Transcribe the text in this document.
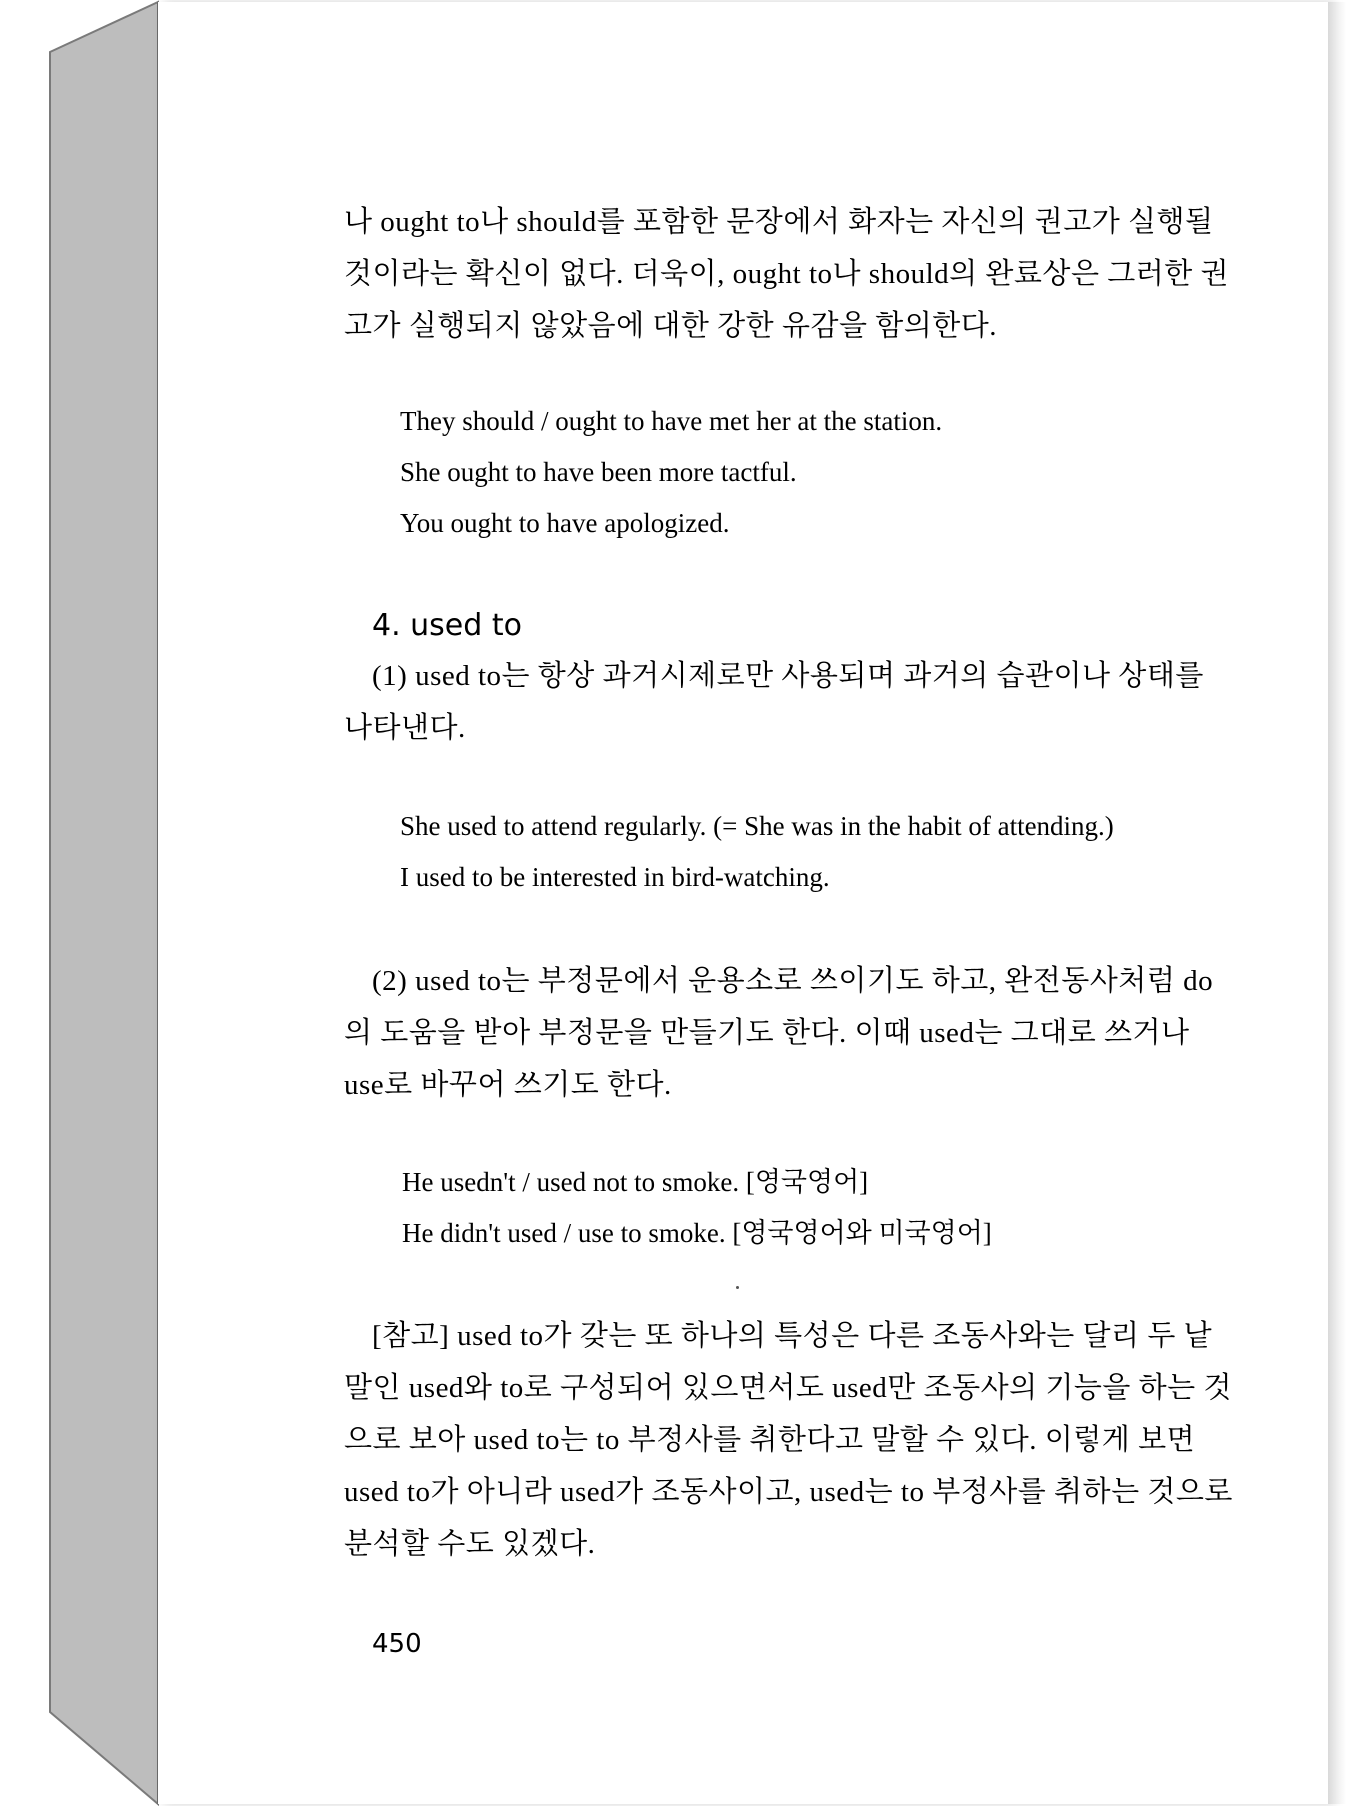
나 ought to나 should를 포함한 문장에서 화자는 자신의 권고가 실행될
것이라는 확신이 없다. 더욱이, ought to나 should의 완료상은 그러한 권
고가 실행되지 않았음에 대한 강한 유감을 함의한다.
They should / ought to have met her at the station.
She ought to have been more tactful.
You ought to have apologized.
4. used to
(1) used to는 항상 과거시제로만 사용되며 과거의 습관이나 상태를
나타낸다.
She used to attend regularly. (= She was in the habit of attending.)
I used to be interested in bird-watching.
(2) used to는 부정문에서 운용소로 쓰이기도 하고, 완전동사처럼 do
의 도움을 받아 부정문을 만들기도 한다. 이때 used는 그대로 쓰거나
use로 바꾸어 쓰기도 한다.
He usedn't / used not to smoke. [영국영어]
He didn't used / use to smoke. [영국영어와 미국영어]
[참고] used to가 갖는 또 하나의 특성은 다른 조동사와는 달리 두 낱
말인 used와 to로 구성되어 있으면서도 used만 조동사의 기능을 하는 것
으로 보아 used to는 to 부정사를 취한다고 말할 수 있다. 이렇게 보면
used to가 아니라 used가 조동사이고, used는 to 부정사를 취하는 것으로
분석할 수도 있겠다.
450
